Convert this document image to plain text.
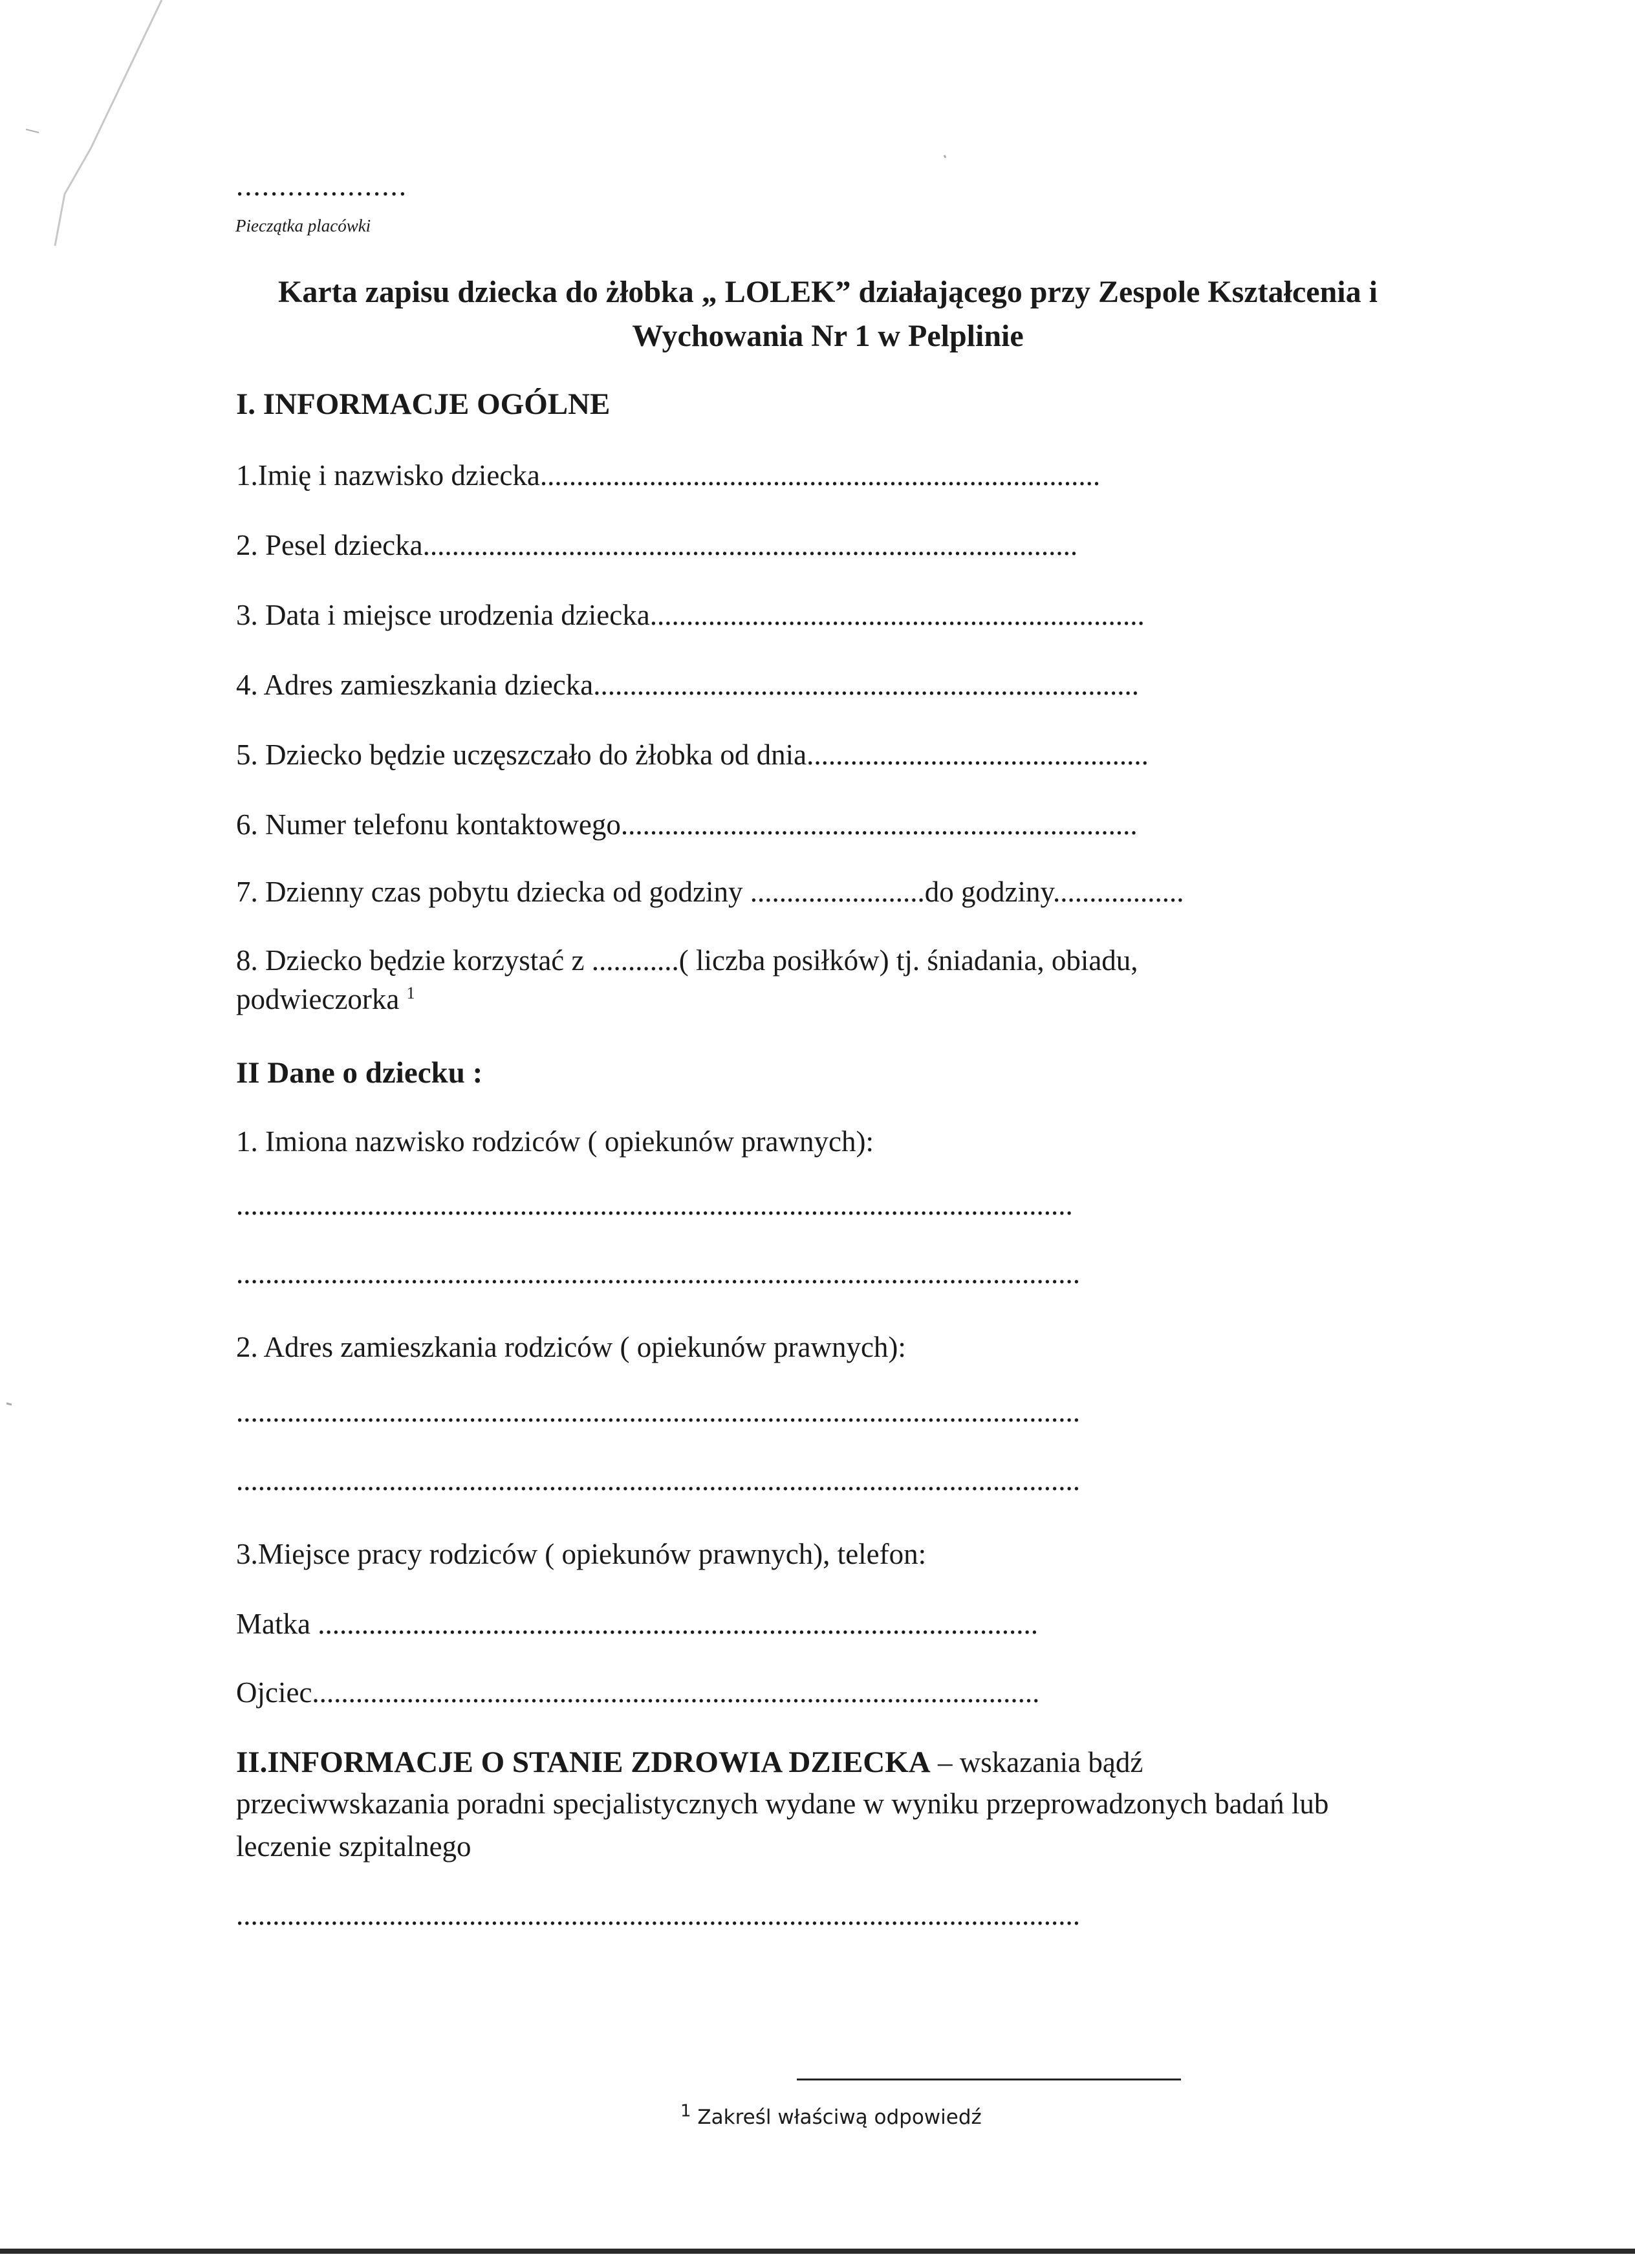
....................
Pieczątka placówki
Karta zapisu dziecka do żłobka „ LOLEK” działającego przy Zespole Kształcenia i
Wychowania Nr 1 w Pelplinie
I. INFORMACJE OGÓLNE
1.Imię i nazwisko dziecka.............................................................................
2. Pesel dziecka..........................................................................................
3. Data i miejsce urodzenia dziecka....................................................................
4. Adres zamieszkania dziecka...........................................................................
5. Dziecko będzie uczęszczało do żłobka od dnia...............................................
6. Numer telefonu kontaktowego.......................................................................
7. Dzienny czas pobytu dziecka od godziny ........................do godziny..................
8. Dziecko będzie korzystać z ............( liczba posiłków) tj. śniadania, obiadu,
podwieczorka $^1$
II Dane o dziecku :
1. Imiona nazwisko rodziców ( opiekunów prawnych):
...................................................................................................................
....................................................................................................................
2. Adres zamieszkania rodziców ( opiekunów prawnych):
....................................................................................................................
....................................................................................................................
3.Miejsce pracy rodziców ( opiekunów prawnych), telefon:
Matka ...................................................................................................
Ojciec....................................................................................................
II.INFORMACJE O STANIE ZDROWIA DZIECKA – wskazania bądź
przeciwwskazania poradni specjalistycznych wydane w wyniku przeprowadzonych badań lub
leczenie szpitalnego
....................................................................................................................
$^1$ Zakreśl właściwą odpowiedź
